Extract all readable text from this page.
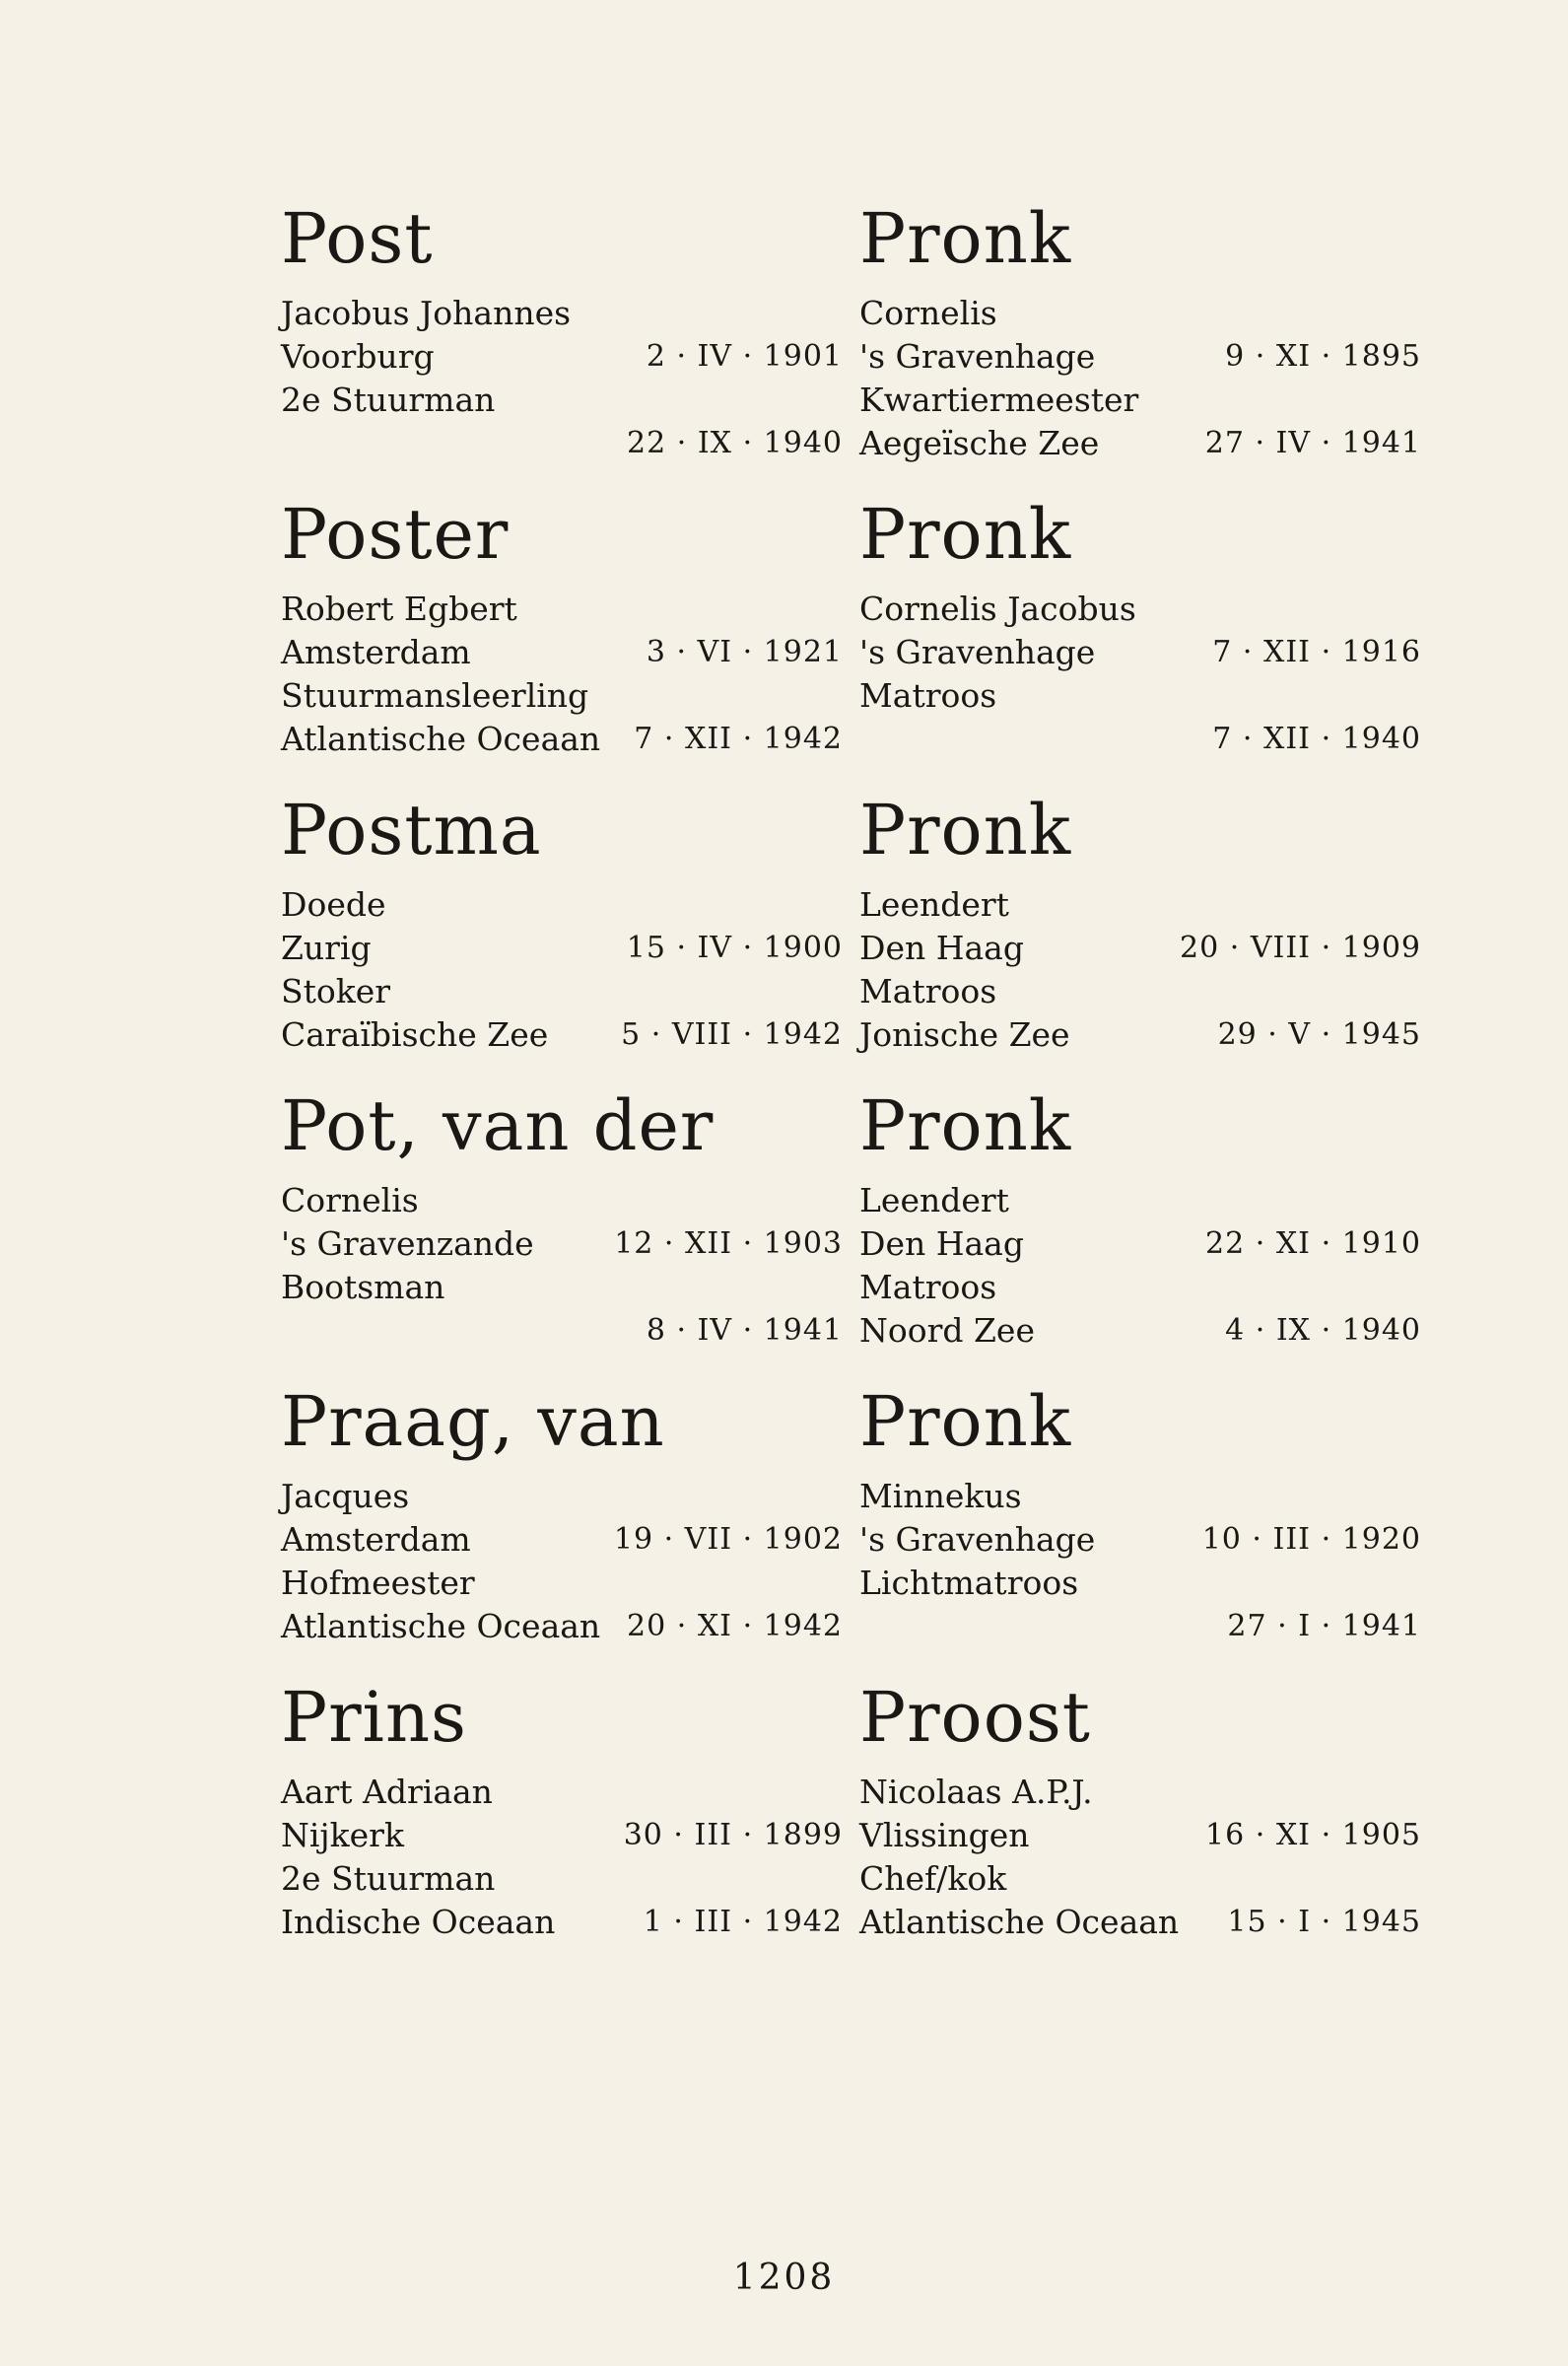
Post
Jacobus Johannes
Voorburg	2 · IV · 1901
2e Stuurman
22 · IX · 1940
Poster
Robert Egbert
Amsterdam	3 · VI · 1921
Stuurmansleerling
Atlantische Oceaan 7 · XII · 1942
Postma
Doede
Zurig	15 · IV · 1900
Stoker
Caraïbische Zee 5 · VIII · 1942
Pot, van der
Cornelis
's Gravenzande	12 · XII · 1903
Bootsman
8 · IV · 1941
Praag, van
Jacques
Amsterdam	19 · VII · 1902
Hofmeester
Atlantische Oceaan 20 · XI · 1942
Prins
Aart Adriaan
Nijkerk	30 · III · 1899
2e Stuurman
Indische Oceaan	1 · III · 1942
Pronk
Cornelis
's Gravenhage	9 · XI · 1895
Kwartiermeester
Aegeïsche Zee	27 · IV · 1941
Pronk
Cornelis Jacobus
's Gravenhage	7 · XII · 1916
Matroos
7 · XII · 1940
Pronk
Leendert
Den Haag	20 · VIII · 1909
Matroos
Jonische Zee	29 · V · 1945
Pronk
Leendert
Den Haag	22 · XI · 1910
Matroos
Noord Zee	4 · IX · 1940
Pronk
Minnekus
's Gravenhage	10 · III · 1920
Lichtmatroos
27 · I · 1941
Proost
Nicolaas A.P.J.
Vlissingen	16 · XI · 1905
Chef/kok
Atlantische Oceaan 15 · I · 1945
1208
